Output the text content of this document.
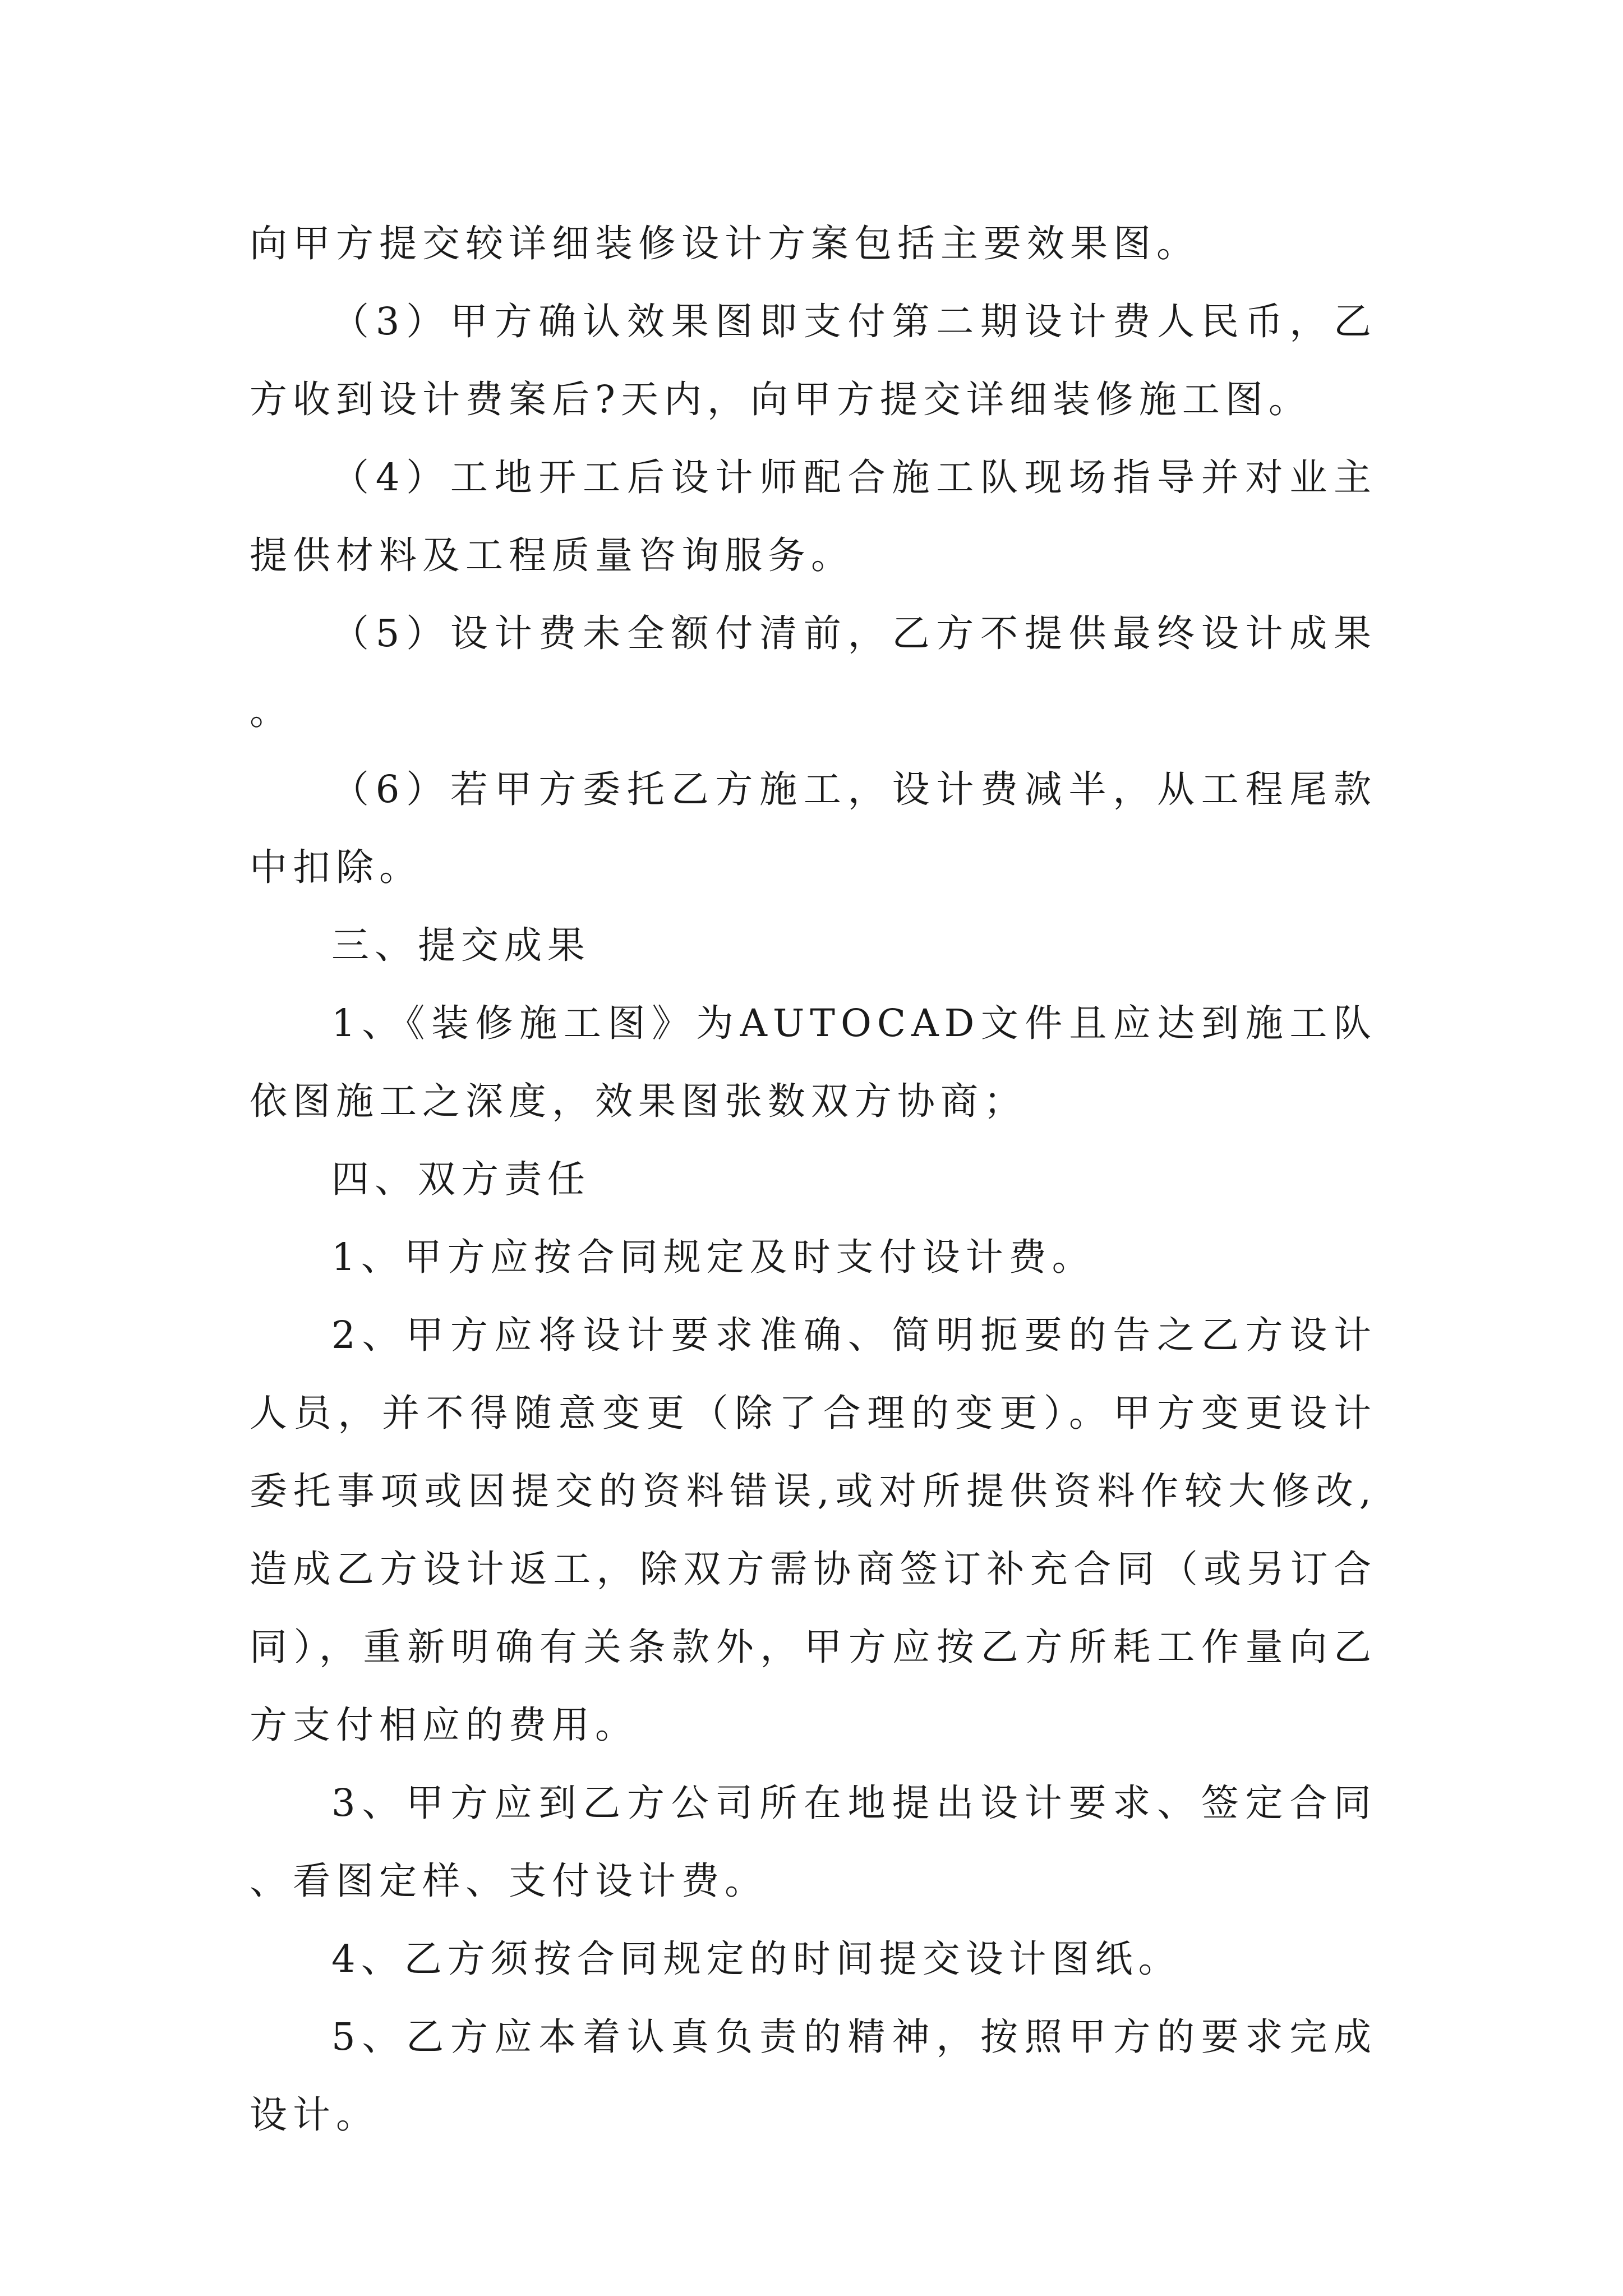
向甲方提交较详细装修设计方案包括主要效果图。

（3）甲方确认效果图即支付第二期设计费人民币，乙方收到设计费案后?天内，向甲方提交详细装修施工图。

（4）工地开工后设计师配合施工队现场指导并对业主提供材料及工程质量咨询服务。

（5）设计费未全额付清前，乙方不提供最终设计成果。

（6）若甲方委托乙方施工，设计费减半，从工程尾款中扣除。

三、提交成果

1、《装修施工图》为AUTOCAD文件且应达到施工队依图施工之深度，效果图张数双方协商；

四、双方责任

1、甲方应按合同规定及时支付设计费。

2、甲方应将设计要求准确、简明扼要的告之乙方设计人员，并不得随意变更（除了合理的变更）。甲方变更设计委托事项或因提交的资料错误,或对所提供资料作较大修改,造成乙方设计返工，除双方需协商签订补充合同（或另订合同），重新明确有关条款外，甲方应按乙方所耗工作量向乙方支付相应的费用。

3、甲方应到乙方公司所在地提出设计要求、签定合同、看图定样、支付设计费。

4、乙方须按合同规定的时间提交设计图纸。

5、乙方应本着认真负责的精神，按照甲方的要求完成设计。
